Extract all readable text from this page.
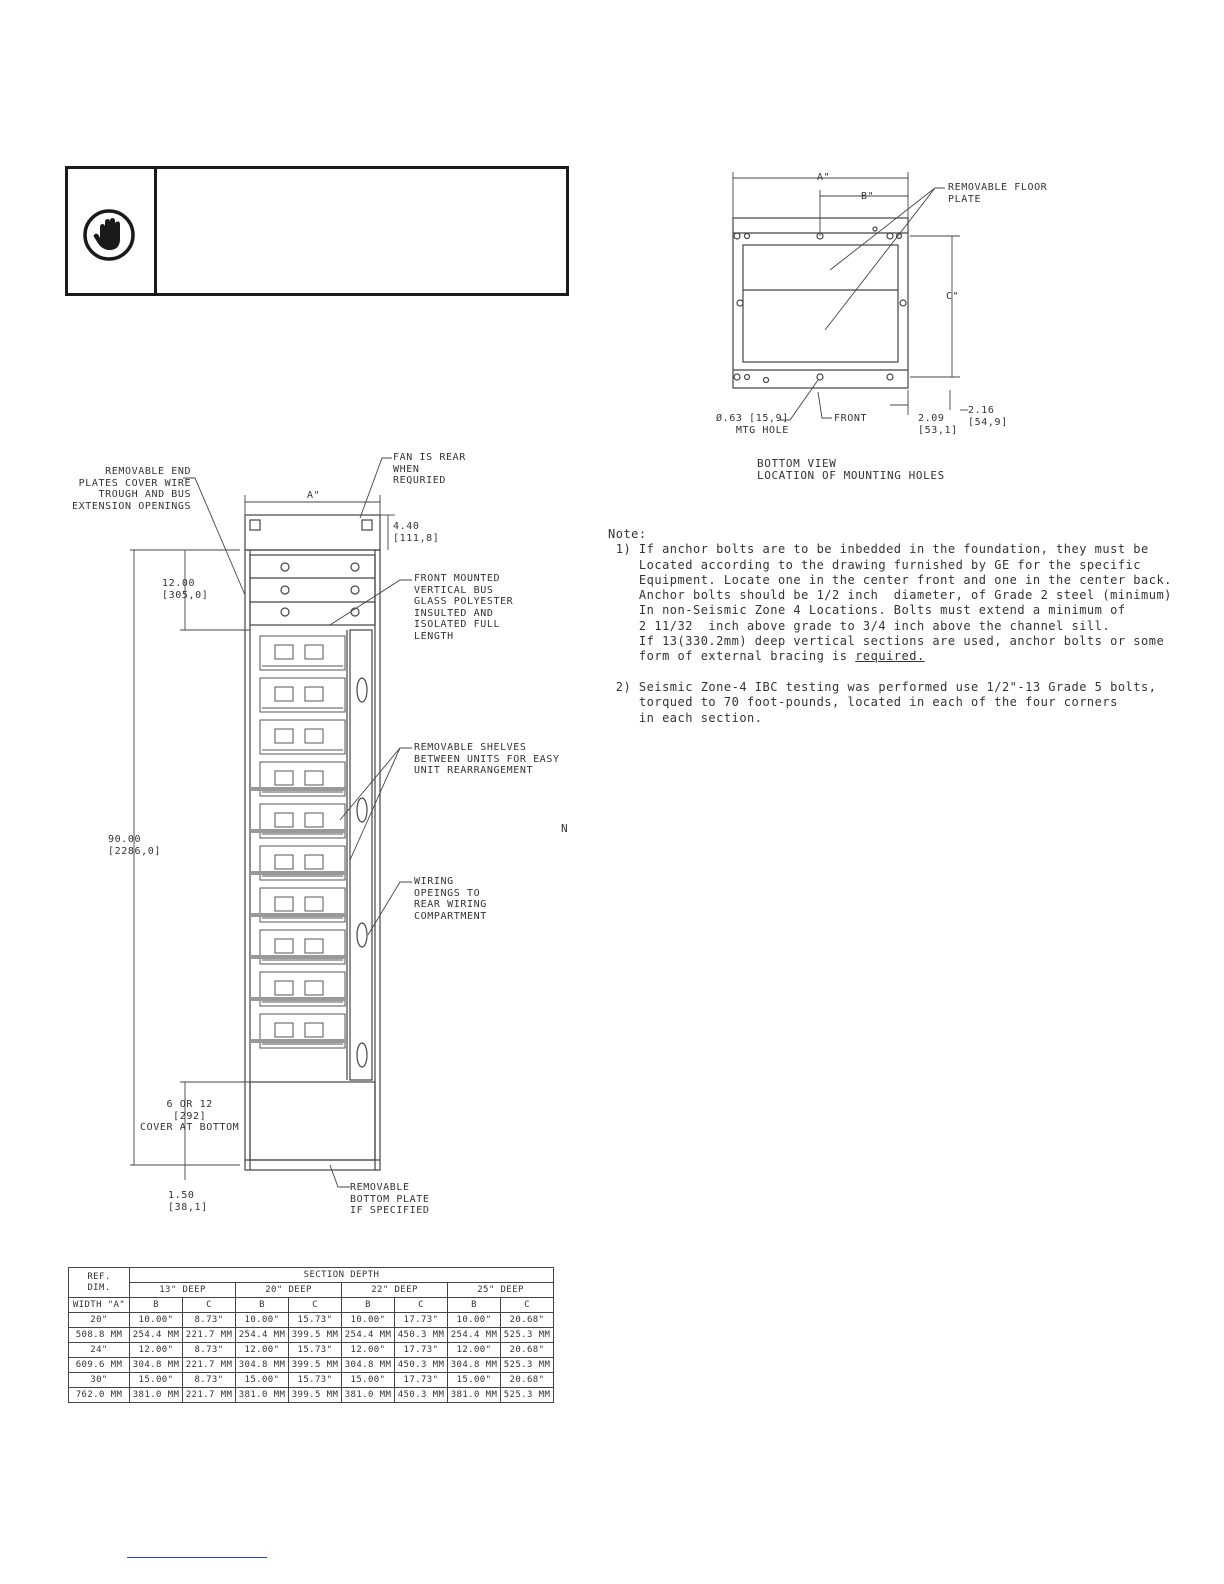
N
REMOVABLE END
PLATES COVER WIRE
TROUGH AND BUS
EXTENSION OPENINGS
FAN IS REAR
WHEN
REQURIED
A"
4.40
[111,8]
12.00
[305,0]
FRONT MOUNTED
VERTICAL BUS
GLASS POLYESTER
INSULTED AND
ISOLATED FULL
LENGTH
REMOVABLE SHELVES
BETWEEN UNITS FOR EASY
UNIT REARRANGEMENT
90.00
[2286,0]
WIRING
OPEINGS TO
REAR WIRING
COMPARTMENT
6 OR 12
[292]
COVER AT BOTTOM
1.50
[38,1]
REMOVABLE
BOTTOM PLATE
IF SPECIFIED
A"
B"
C"
REMOVABLE FLOOR
PLATE
Ø.63 [15,9]
MTG HOLE
FRONT	2.09
[53,1]
2.16
[54,9]
BOTTOM VIEW
LOCATION OF MOUNTING HOLES
Note:
1) If anchor bolts are to be inbedded in the foundation, they must be
Located according to the drawing furnished by GE for the specific
Equipment. Locate one in the center front and one in the center back.
Anchor bolts should be 1/2 inch  diameter, of Grade 2 steel (minimum)
In non-Seismic Zone 4 Locations. Bolts must extend a minimum of
2 11/32  inch above grade to 3/4 inch above the channel sill.
If 13(330.2mm) deep vertical sections are used, anchor bolts or some
form of external bracing is required.

2) Seismic Zone-4 IBC testing was performed use 1/2"-13 Grade 5 bolts,
torqued to 70 foot-pounds, located in each of the four corners
in each section.
REF.
DIM.	SECTION DEPTH							
	13" DEEP		20" DEEP		22" DEEP		25" DEEP	
WIDTH "A"	B	C	B	C	B	C	B	C
20"	10.00"	8.73"	10.00"	15.73"	10.00"	17.73"	10.00"	20.68"
508.8 MM	254.4 MM	221.7 MM	254.4 MM	399.5 MM	254.4 MM	450.3 MM	254.4 MM	525.3 MM
24"	12.00"	8.73"	12.00"	15.73"	12.00"	17.73"	12.00"	20.68"
609.6 MM	304.8 MM	221.7 MM	304.8 MM	399.5 MM	304.8 MM	450.3 MM	304.8 MM	525.3 MM
30"	15.00"	8.73"	15.00"	15.73"	15.00"	17.73"	15.00"	20.68"
762.0 MM	381.0 MM	221.7 MM	381.0 MM	399.5 MM	381.0 MM	450.3 MM	381.0 MM	525.3 MM
